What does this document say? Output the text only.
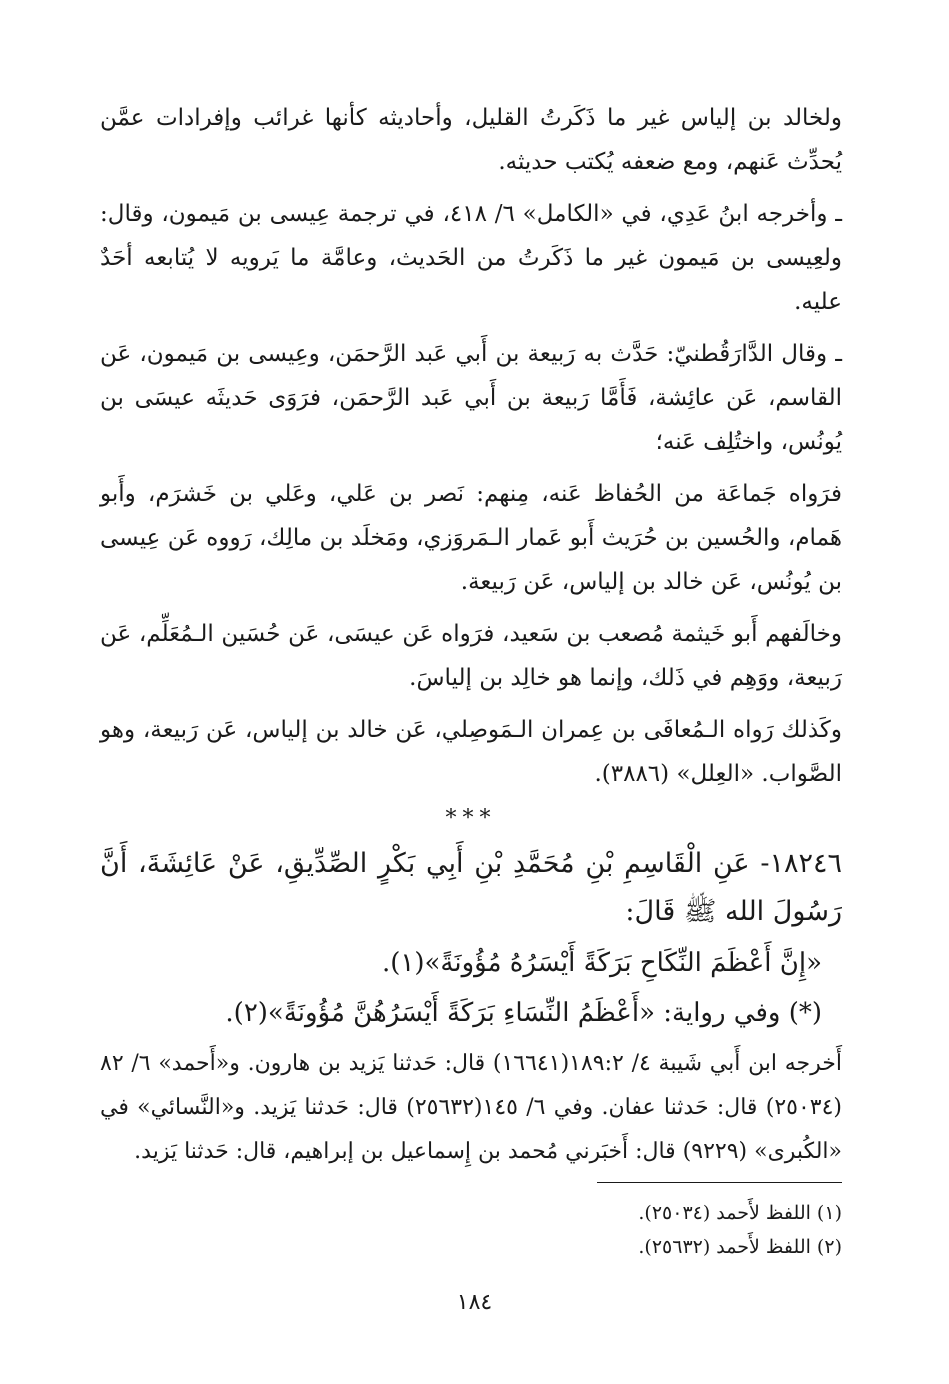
ولخالد بن إلياس غير ما ذَكَرتُ القليل، وأحاديثه كأنها غرائب وإفرادات عمَّن يُحدِّث عَنهم، ومع ضعفه يُكتب حديثه.

ـ وأخرجه ابنُ عَدِي، في «الكامل» ٦/ ٤١٨، في ترجمة عِيسى بن مَيمون، وقال: ولعِيسى بن مَيمون غير ما ذَكَرتُ من الحَديث، وعامَّة ما يَرويه لا يُتابعه أحَدٌ عليه.

ـ وقال الدَّارَقُطنيّ: حَدَّث به رَبيعة بن أَبي عَبد الرَّحمَن، وعِيسى بن مَيمون، عَن القاسم، عَن عائِشة، فَأَمَّا رَبيعة بن أَبي عَبد الرَّحمَن، فرَوَى حَديثَه عيسَى بن يُونُس، واختُلِف عَنه؛

فرَواه جَماعَة من الحُفاظ عَنه، مِنهم: نَصر بن عَلي، وعَلي بن خَشرَم، وأَبو هَمام، والحُسين بن حُرَيث أَبو عَمار الـمَروَزي، ومَخلَد بن مالِك، رَووه عَن عِيسى بن يُونُس، عَن خالد بن إلياس، عَن رَبيعة.

وخالَفهم أَبو خَيثمة مُصعب بن سَعيد، فرَواه عَن عيسَى، عَن حُسَين الـمُعَلِّم، عَن رَبيعة، ووَهِم في ذَلك، وإنما هو خالِد بن إلياسَ.

وكَذلك رَواه الـمُعافَى بن عِمران الـمَوصِلي، عَن خالد بن إلياس، عَن رَبيعة، وهو الصَّواب. «العِلل» (٣٨٨٦).

***

١٨٢٤٦- عَنِ الْقَاسِمِ بْنِ مُحَمَّدِ بْنِ أَبِي بَكْرٍ الصِّدِّيقِ، عَنْ عَائِشَةَ، أَنَّ رَسُولَ الله ﷺ قَالَ:

«إِنَّ أَعْظَمَ النِّكَاحِ بَرَكَةً أَيْسَرُهُ مُؤُونَةً»(١).

(*) وفي رواية: «أَعْظَمُ النِّسَاءِ بَرَكَةً أَيْسَرُهُنَّ مُؤُونَةً»(٢).

أَخرجه ابن أَبي شَيبة ٤/ ١٨٩:٢(١٦٦٤١) قال: حَدثنا يَزيد بن هارون. و«أَحمد» ٦/ ٨٢ (٢٥٠٣٤) قال: حَدثنا عفان. وفي ٦/ ١٤٥(٢٥٦٣٢) قال: حَدثنا يَزيد. و«النَّسائي» في «الكُبرى» (٩٢٢٩) قال: أَخبَرني مُحمد بن إِسماعيل بن إبراهيم، قال: حَدثنا يَزيد.

(١) اللفظ لأَحمد (٢٥٠٣٤).

(٢) اللفظ لأَحمد (٢٥٦٣٢).

١٨٤
